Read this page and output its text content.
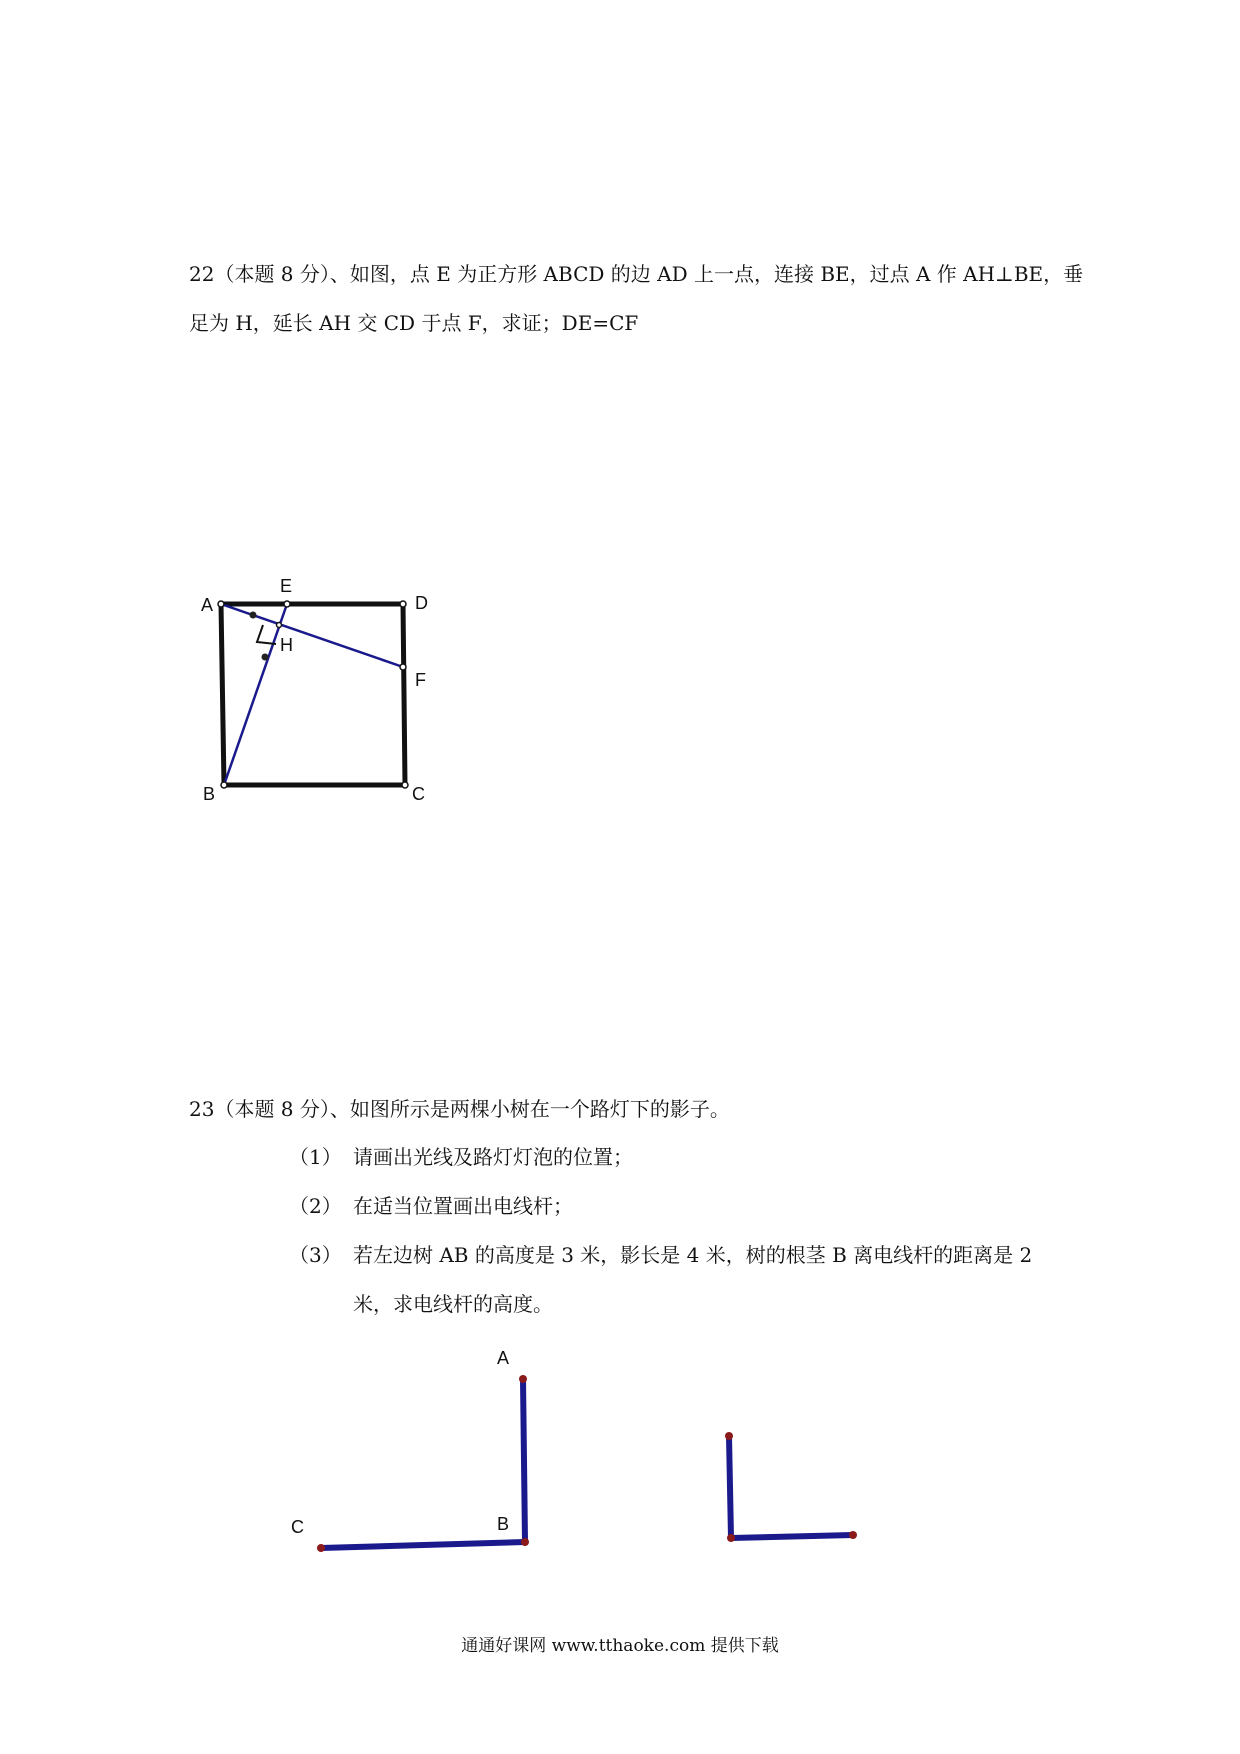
22（本题 8 分）、如图，点 E 为正方形 ABCD 的边 AD 上一点，连接 BE，过点 A 作 AH⊥BE，垂
足为 H，延长 AH 交 CD 于点 F，求证；DE=CF
A
E
D
H
F
B	C
A
B
C
23（本题 8 分）、如图所示是两棵小树在一个路灯下的影子。
（1） 请画出光线及路灯灯泡的位置；
（2） 在适当位置画出电线杆；
（3） 若左边树 AB 的高度是 3 米，影长是 4 米，树的根茎 B 离电线杆的距离是 2
米，求电线杆的高度。
通通好课网 www.tthaoke.com 提供下载
